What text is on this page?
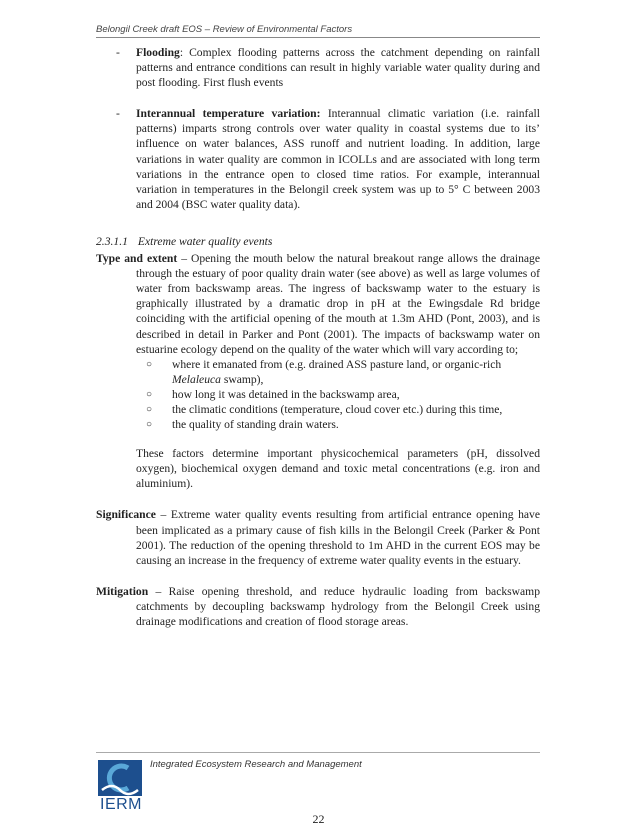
Belongil Creek draft EOS – Review of Environmental Factors
- Flooding: Complex flooding patterns across the catchment depending on rainfall patterns and entrance conditions can result in highly variable water quality during and post flooding. First flush events
- Interannual temperature variation: Interannual climatic variation (i.e. rainfall patterns) imparts strong controls over water quality in coastal systems due to its’ influence on water balances, ASS runoff and nutrient loading. In addition, large variations in water quality are common in ICOLLs and are associated with long term variations in the entrance open to closed time ratios. For example, interannual variation in temperatures in the Belongil creek system was up to 5° C between 2003 and 2004 (BSC water quality data).
2.3.1.1 Extreme water quality events
Type and extent – Opening the mouth below the natural breakout range allows the drainage through the estuary of poor quality drain water (see above) as well as large volumes of water from backswamp areas. The ingress of backswamp water to the estuary is graphically illustrated by a dramatic drop in pH at the Ewingsdale Rd bridge coinciding with the artificial opening of the mouth at 1.3m AHD (Pont, 2003), and is described in detail in Parker and Pont (2001). The impacts of backswamp water on estuarine ecology depend on the quality of the water which will vary according to;
○ where it emanated from (e.g. drained ASS pasture land, or organic-rich Melaleuca swamp),
○ how long it was detained in the backswamp area,
○ the climatic conditions (temperature, cloud cover etc.) during this time,
○ the quality of standing drain waters.
These factors determine important physicochemical parameters (pH, dissolved oxygen), biochemical oxygen demand and toxic metal concentrations (e.g. iron and aluminium).
Significance – Extreme water quality events resulting from artificial entrance opening have been implicated as a primary cause of fish kills in the Belongil Creek (Parker & Pont 2001). The reduction of the opening threshold to 1m AHD in the current EOS may be causing an increase in the frequency of extreme water quality events in the estuary.
Mitigation – Raise opening threshold, and reduce hydraulic loading from backswamp catchments by decoupling backswamp hydrology from the Belongil Creek using drainage modifications and creation of flood storage areas.
IERM
Integrated Ecosystem Research and Management
22
